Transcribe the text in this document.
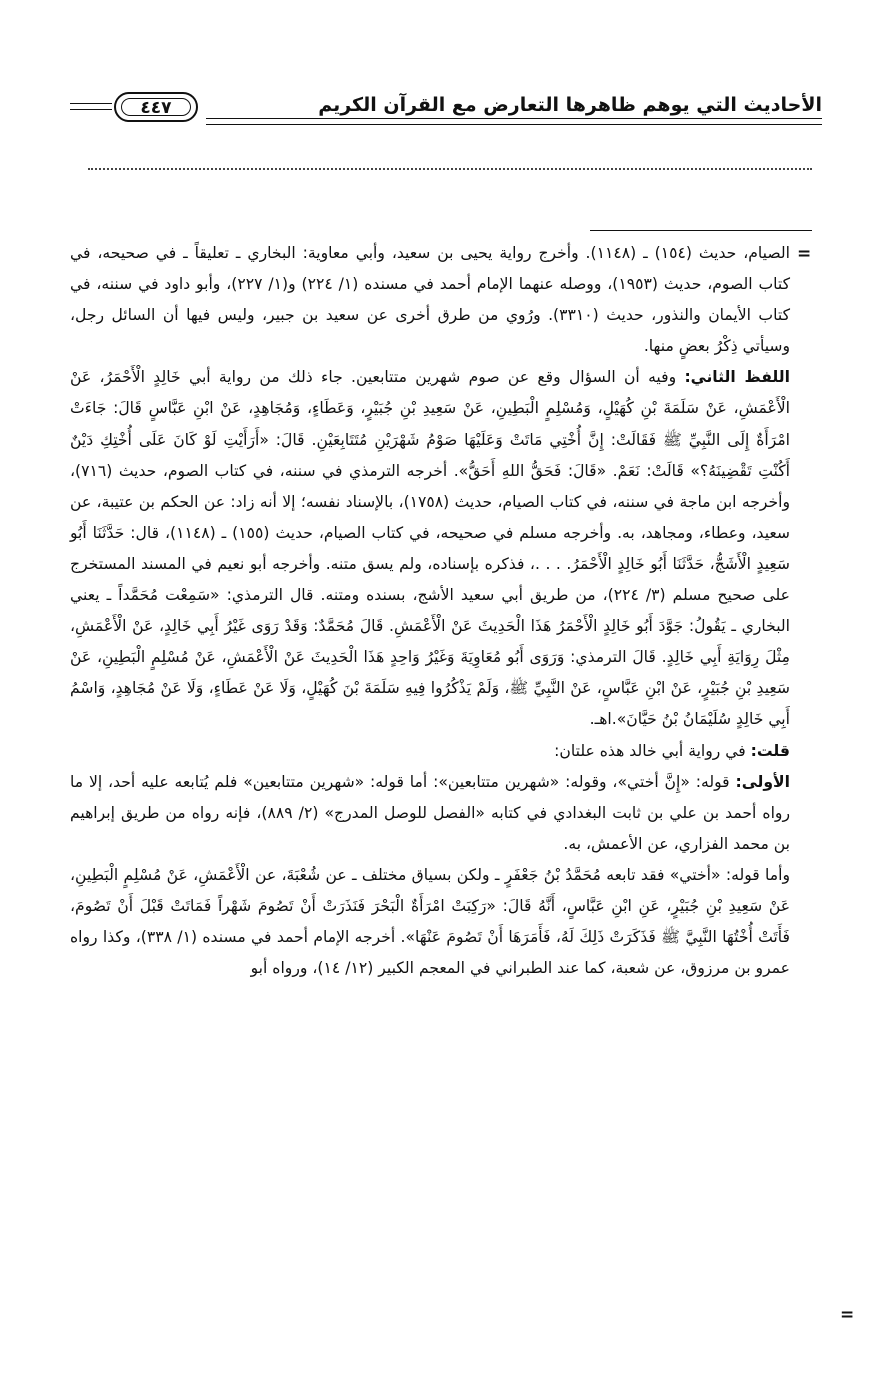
٤٤٧	الأحاديث التي يوهم ظاهرها التعارض مع القرآن الكريم
=

الصيام، حديث (١٥٤) ـ (١١٤٨). وأخرج رواية يحيى بن سعيد، وأبي معاوية: البخاري ـ تعليقاً ـ في صحيحه، في كتاب الصوم، حديث (١٩٥٣)، ووصله عنهما الإمام أحمد في مسنده (١/ ٢٢٤) و(١/ ٢٢٧)، وأبو داود في سننه، في كتاب الأيمان والنذور، حديث (٣٣١٠). ورُوي من طرق أخرى عن سعيد بن جبير، وليس فيها أن السائل رجل، وسيأتي ذِكْرُ بعضٍ منها.

اللفظ الثاني: وفيه أن السؤال وقع عن صوم شهرين متتابعين. جاء ذلك من رواية أبي خَالِدٍ الْأَحْمَرُ، عَنْ الْأَعْمَشِ، عَنْ سَلَمَةَ بْنِ كُهَيْلٍ، وَمُسْلِمٍ الْبَطِينِ، عَنْ سَعِيدِ بْنِ جُبَيْرٍ، وَعَطَاءٍ، وَمُجَاهِدٍ، عَنْ ابْنِ عَبَّاسٍ قَالَ: جَاءَتْ امْرَأَةٌ إِلَى النَّبِيِّ ﷺ فَقَالَتْ: إِنَّ أُخْتِي مَاتَتْ وَعَلَيْهَا صَوْمُ شَهْرَيْنِ مُتَتَابِعَيْنِ. قَالَ: «أَرَأَيْتِ لَوْ كَانَ عَلَى أُخْتِكِ دَيْنٌ أَكُنْتِ تَقْضِينَهُ؟» قَالَتْ: نَعَمْ. «قَالَ: فَحَقُّ اللهِ أَحَقُّ». أخرجه الترمذي في سننه، في كتاب الصوم، حديث (٧١٦)، وأخرجه ابن ماجة في سننه، في كتاب الصيام، حديث (١٧٥٨)، بالإسناد نفسه؛ إلا أنه زاد: عن الحكم بن عتيبة، عن سعيد، وعطاء، ومجاهد، به. وأخرجه مسلم في صحيحه، في كتاب الصيام، حديث (١٥٥) ـ (١١٤٨)، قال: حَدَّثَنَا أَبُو سَعِيدٍ الْأَشَجُّ، حَدَّثَنَا أَبُو خَالِدٍ الْأَحْمَرُ. . . .، فذكره بإسناده، ولم يسق متنه. وأخرجه أبو نعيم في المسند المستخرج على صحيح مسلم (٣/ ٢٢٤)، من طريق أبي سعيد الأشج، بسنده ومتنه. قال الترمذي: «سَمِعْت مُحَمَّداً ـ يعني البخاري ـ يَقُولُ: جَوَّدَ أَبُو خَالِدٍ الْأَحْمَرُ هَذَا الْحَدِيثَ عَنْ الْأَعْمَشِ. قَالَ مُحَمَّدٌ: وَقَدْ رَوَى غَيْرُ أَبِي خَالِدٍ، عَنْ الْأَعْمَشِ، مِثْلَ رِوَايَةِ أَبِي خَالِدٍ. قَالَ الترمذي: وَرَوَى أَبُو مُعَاوِيَةَ وَغَيْرُ وَاحِدٍ هَذَا الْحَدِيثَ عَنْ الْأَعْمَشِ، عَنْ مُسْلِمٍ الْبَطِينِ، عَنْ سَعِيدِ بْنِ جُبَيْرٍ، عَنْ ابْنِ عَبَّاسٍ، عَنْ النَّبِيِّ ﷺ، وَلَمْ يَذْكُرُوا فِيهِ سَلَمَةَ بْنَ كُهَيْلٍ، وَلَا عَنْ عَطَاءٍ، وَلَا عَنْ مُجَاهِدٍ، وَاسْمُ أَبِي خَالِدٍ سُلَيْمَانُ بْنُ حَيَّانَ».اهـ.

قلت: في رواية أبي خالد هذه علتان:

الأولى: قوله: «إِنَّ أختي»، وقوله: «شهرين متتابعين»: أما قوله: «شهرين متتابعين» فلم يُتابعه عليه أحد، إلا ما رواه أحمد بن علي بن ثابت البغدادي في كتابه «الفصل للوصل المدرج» (٢/ ٨٨٩)، فإنه رواه من طريق إبراهيم بن محمد الفزاري، عن الأعمش، به.

وأما قوله: «أختي» فقد تابعه مُحَمَّدُ بْنُ جَعْفَرٍ ـ ولكن بسياق مختلف ـ عن شُعْبَةَ، عن الْأَعْمَشِ، عَنْ مُسْلِمٍ الْبَطِينِ، عَنْ سَعِيدِ بْنِ جُبَيْرٍ، عَنِ ابْنِ عَبَّاسٍ، أَنَّهُ قَالَ: «رَكِبَتْ امْرَأَةٌ الْبَحْرَ فَنَذَرَتْ أَنْ تَصُومَ شَهْراً فَمَاتَتْ قَبْلَ أَنْ تَصُومَ، فَأَتَتْ أُخْتُهَا النَّبِيَّ ﷺ فَذَكَرَتْ ذَلِكَ لَهُ، فَأَمَرَهَا أَنْ تَصُومَ عَنْهَا». أخرجه الإمام أحمد في مسنده (١/ ٣٣٨)، وكذا رواه عمرو بن مرزوق، عن شعبة، كما عند الطبراني في المعجم الكبير (١٢/ ١٤)، ورواه أبو

=
